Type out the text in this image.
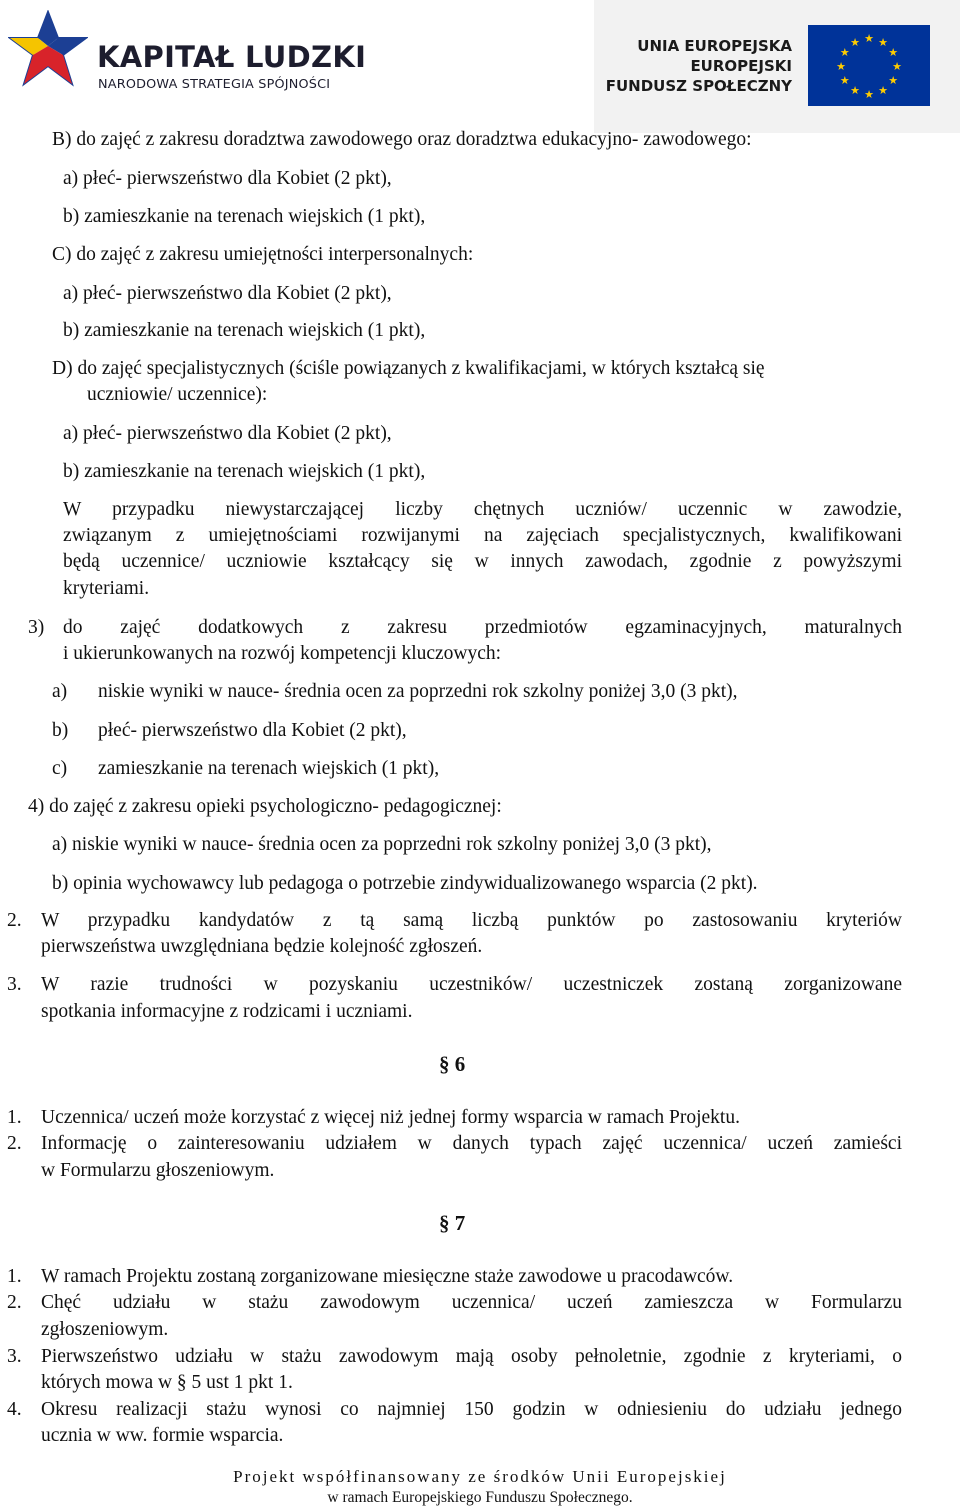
KAPITAŁ LUDZKI
NARODOWA STRATEGIA SPÓJNOŚCI
UNIA EUROPEJSKA
EUROPEJSKI
FUNDUSZ SPOŁECZNY
★ ★
★
★
★
★
★
★
★
★
★
★
B) do zajęć z zakresu doradztwa zawodowego oraz doradztwa edukacyjno- zawodowego:
a) płeć- pierwszeństwo dla Kobiet (2 pkt),
b) zamieszkanie na terenach wiejskich (1 pkt),
C) do zajęć z zakresu umiejętności interpersonalnych:
a) płeć- pierwszeństwo dla Kobiet (2 pkt),
b) zamieszkanie na terenach wiejskich (1 pkt),
D) do zajęć specjalistycznych (ściśle powiązanych z kwalifikacjami, w których kształcą się
uczniowie/ uczennice):
a) płeć- pierwszeństwo dla Kobiet (2 pkt),
b) zamieszkanie na terenach wiejskich (1 pkt),
W przypadku niewystarczającej liczby chętnych uczniów/ uczennic w zawodzie,
związanym z umiejętnościami rozwijanymi na zajęciach specjalistycznych, kwalifikowani
będą uczennice/ uczniowie kształcący się w innych zawodach, zgodnie z powyższymi
kryteriami.
3) do zajęć dodatkowych z zakresu przedmiotów egzaminacyjnych, maturalnych
i ukierunkowanych na rozwój kompetencji kluczowych:
a) niskie wyniki w nauce- średnia ocen za poprzedni rok szkolny poniżej 3,0 (3 pkt),
b) płeć- pierwszeństwo dla Kobiet (2 pkt),
c) zamieszkanie na terenach wiejskich (1 pkt),
4) do zajęć z zakresu opieki psychologiczno- pedagogicznej:
a) niskie wyniki w nauce- średnia ocen za poprzedni rok szkolny poniżej 3,0 (3 pkt),
b) opinia wychowawcy lub pedagoga o potrzebie zindywidualizowanego wsparcia (2 pkt).
2. W przypadku kandydatów z tą samą liczbą punktów po zastosowaniu kryteriów
pierwszeństwa uwzględniana będzie kolejność zgłoszeń.
3. W razie trudności w pozyskaniu uczestników/ uczestniczek zostaną zorganizowane
spotkania informacyjne z rodzicami i uczniami.
§ 6
1. Uczennica/ uczeń może korzystać z więcej niż jednej formy wsparcia w ramach Projektu.
2. Informację o zainteresowaniu udziałem w danych typach zajęć uczennica/ uczeń zamieści
w Formularzu głoszeniowym.
§ 7
1. W ramach Projektu zostaną zorganizowane miesięczne staże zawodowe u pracodawców.
2. Chęć udziału w stażu zawodowym uczennica/ uczeń zamieszcza w Formularzu
zgłoszeniowym.
3. Pierwszeństwo udziału w stażu zawodowym mają osoby pełnoletnie, zgodnie z kryteriami, o
których mowa w § 5 ust 1 pkt 1.
4. Okresu realizacji stażu wynosi co najmniej 150 godzin w odniesieniu do udziału jednego
ucznia w ww. formie wsparcia.
Projekt współfinansowany ze środków Unii Europejskiej
w ramach Europejskiego Funduszu Społecznego.
